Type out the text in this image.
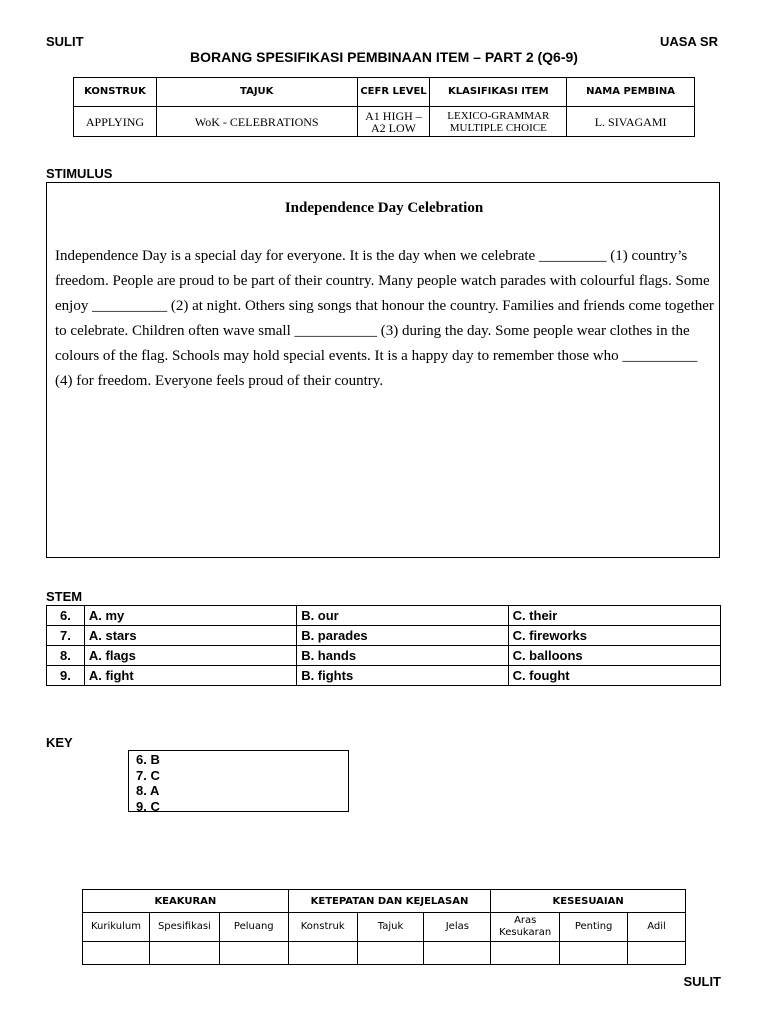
SULIT	UASA SR
BORANG SPESIFIKASI PEMBINAAN ITEM – PART 2 (Q6-9)
KONSTRUK	TAJUK	CEFR LEVEL	KLASIFIKASI ITEM	NAMA PEMBINA
APPLYING	WoK - CELEBRATIONS	A1 HIGH – A2 LOW	LEXICO-GRAMMAR MULTIPLE CHOICE	L. SIVAGAMI
STIMULUS
Independence Day Celebration
Independence Day is a special day for everyone. It is the day when we celebrate _________ (1) country’s freedom. People are proud to be part of their country. Many people watch parades with colourful flags. Some enjoy __________ (2) at night. Others sing songs that honour the country. Families and friends come together to celebrate. Children often wave small ___________ (3) during the day. Some people wear clothes in the colours of the flag. Schools may hold special events. It is a happy day to remember those who __________ (4) for freedom. Everyone feels proud of their country.
STEM
6.	A. my	B. our	C. their
7.	A. stars	B. parades	C. fireworks
8.	A. flags	B. hands	C. balloons
9.	A. fight	B. fights	C. fought
KEY
6. B
7. C
8. A
9. C
KEAKURAN			KETEPATAN DAN KEJELASAN			KESESUAIAN		
Kurikulum	Spesifikasi	Peluang	Konstruk	Tajuk	Jelas	Aras Kesukaran	Penting	Adil

SULIT
